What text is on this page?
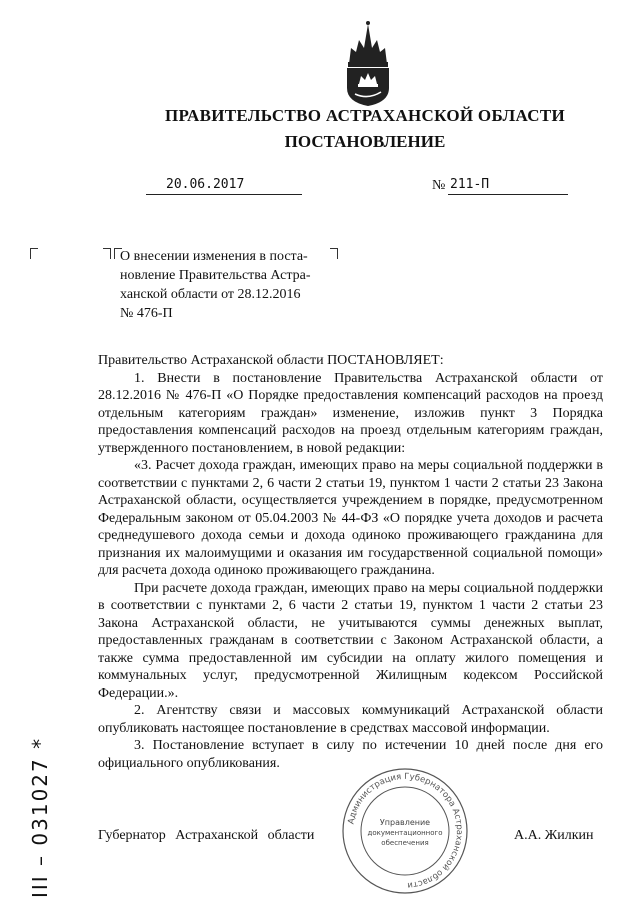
ПРАВИТЕЛЬСТВО АСТРАХАНСКОЙ ОБЛАСТИ
ПОСТАНОВЛЕНИЕ
20.06.2017	№ 211-П
О внесении изменения в поста-
новление Правительства Астра-
ханской области от 28.12.2016
№ 476-П

Правительство Астраханской области ПОСТАНОВЛЯЕТ:

1. Внести в постановление Правительства Астраханской области от 28.12.2016 № 476-П «О Порядке предоставления компенсаций расходов на проезд отдельным категориям граждан» изменение, изложив пункт 3 Порядка предоставления компенсаций расходов на проезд отдельным категориям граждан, утвержденного постановлением, в новой редакции:

«3. Расчет дохода граждан, имеющих право на меры социальной поддержки в соответствии с пунктами 2, 6 части 2 статьи 19, пунктом 1 части 2 статьи 23 Закона Астраханской области, осуществляется учреждением в порядке, предусмотренном Федеральным законом от 05.04.2003 № 44-ФЗ «О порядке учета доходов и расчета среднедушевого дохода семьи и дохода одиноко проживающего гражданина для признания их малоимущими и оказания им государственной социальной помощи» для расчета дохода одиноко проживающего гражданина.

При расчете дохода граждан, имеющих право на меры социальной поддержки в соответствии с пунктами 2, 6 части 2 статьи 19, пунктом 1 части 2 статьи 23 Закона Астраханской области, не учитываются суммы денежных выплат, предоставленных гражданам в соответствии с Законом Астраханской области, а также сумма предоставленной им субсидии на оплату жилого помещения и коммунальных услуг, предусмотренной Жилищным кодексом Российской Федерации.».

2. Агентству связи и массовых коммуникаций Астраханской области опубликовать настоящее постановление в средствах массовой информации.

3. Постановление вступает в силу по истечении 10 дней после дня его официального опубликования.

Губернатор Астраханской области	А.А. Жилкин
Администрация Губернатора Астраханской области
Управление
документационного
обеспечения
III – 031027 *
